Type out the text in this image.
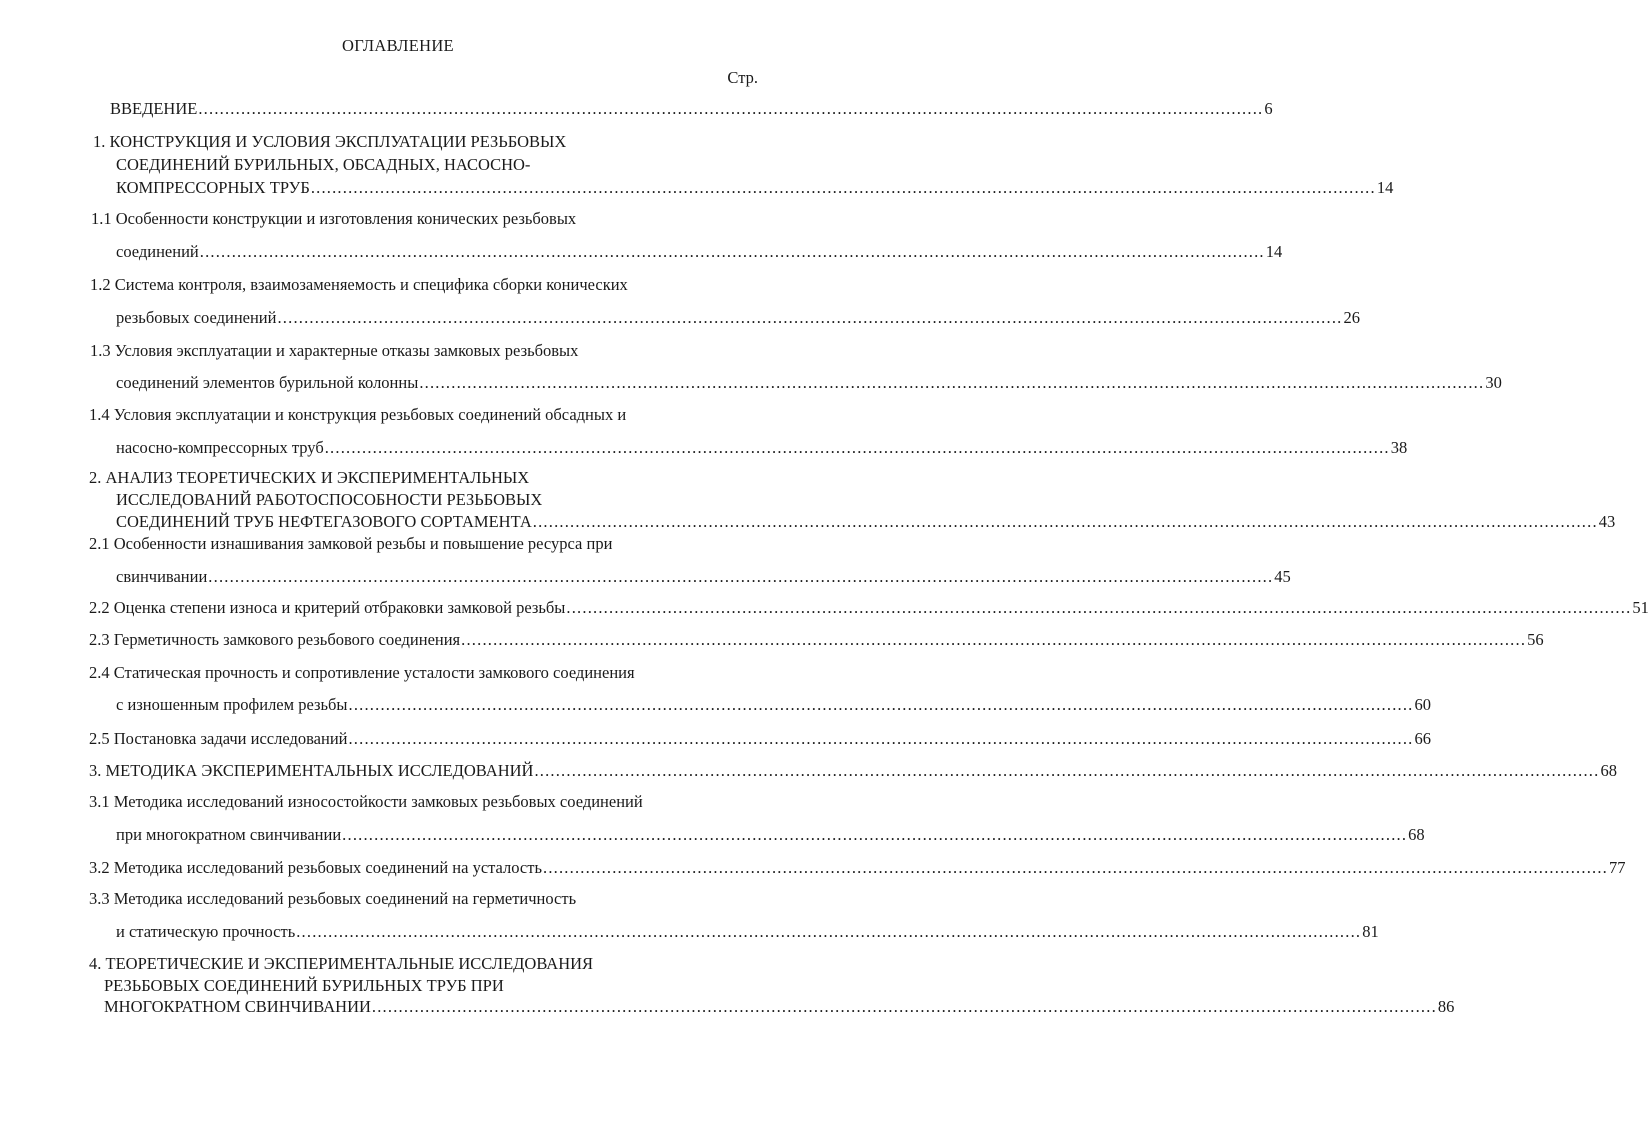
ОГЛАВЛЕНИЕ
Стр.
ВВЕДЕНИЕ ........................................................................................................................................................................................................ 6
1. КОНСТРУКЦИЯ И УСЛОВИЯ ЭКСПЛУАТАЦИИ РЕЗЬБОВЫХ
СОЕДИНЕНИЙ БУРИЛЬНЫХ, ОБСАДНЫХ, НАСОСНО-
КОМПРЕССОРНЫХ ТРУБ ........................................................................................................................................................................................................ 14
1.1 Особенности конструкции и изготовления конических резьбовых
соединений ........................................................................................................................................................................................................ 14
1.2 Система контроля, взаимозаменяемость и специфика сборки конических
резьбовых соединений ........................................................................................................................................................................................................ 26
1.3 Условия эксплуатации и характерные отказы замковых резьбовых
соединений элементов бурильной колонны ........................................................................................................................................................................................................ 30
1.4 Условия эксплуатации и конструкция резьбовых соединений обсадных и
насосно-компрессорных труб ........................................................................................................................................................................................................ 38
2. АНАЛИЗ ТЕОРЕТИЧЕСКИХ И ЭКСПЕРИМЕНТАЛЬНЫХ
ИССЛЕДОВАНИЙ РАБОТОСПОСОБНОСТИ РЕЗЬБОВЫХ
СОЕДИНЕНИЙ ТРУБ НЕФТЕГАЗОВОГО СОРТАМЕНТА ........................................................................................................................................................................................................ 43
2.1 Особенности изнашивания замковой резьбы и повышение ресурса при
свинчивании ........................................................................................................................................................................................................ 45
2.2 Оценка степени износа и критерий отбраковки замковой резьбы ........................................................................................................................................................................................................ 51
2.3 Герметичность замкового резьбового соединения ........................................................................................................................................................................................................ 56
2.4 Статическая прочность и сопротивление усталости замкового соединения
с изношенным профилем резьбы ........................................................................................................................................................................................................ 60
2.5 Постановка задачи исследований ........................................................................................................................................................................................................ 66
3. МЕТОДИКА ЭКСПЕРИМЕНТАЛЬНЫХ ИССЛЕДОВАНИЙ ........................................................................................................................................................................................................ 68
3.1 Методика исследований износостойкости замковых резьбовых соединений
при многократном свинчивании ........................................................................................................................................................................................................ 68
3.2 Методика исследований резьбовых соединений на усталость ........................................................................................................................................................................................................ 77
3.3 Методика исследований резьбовых соединений на герметичность
и статическую прочность ........................................................................................................................................................................................................ 81
4. ТЕОРЕТИЧЕСКИЕ И ЭКСПЕРИМЕНТАЛЬНЫЕ ИССЛЕДОВАНИЯ
РЕЗЬБОВЫХ СОЕДИНЕНИЙ БУРИЛЬНЫХ ТРУБ ПРИ
МНОГОКРАТНОМ СВИНЧИВАНИИ ........................................................................................................................................................................................................ 86
